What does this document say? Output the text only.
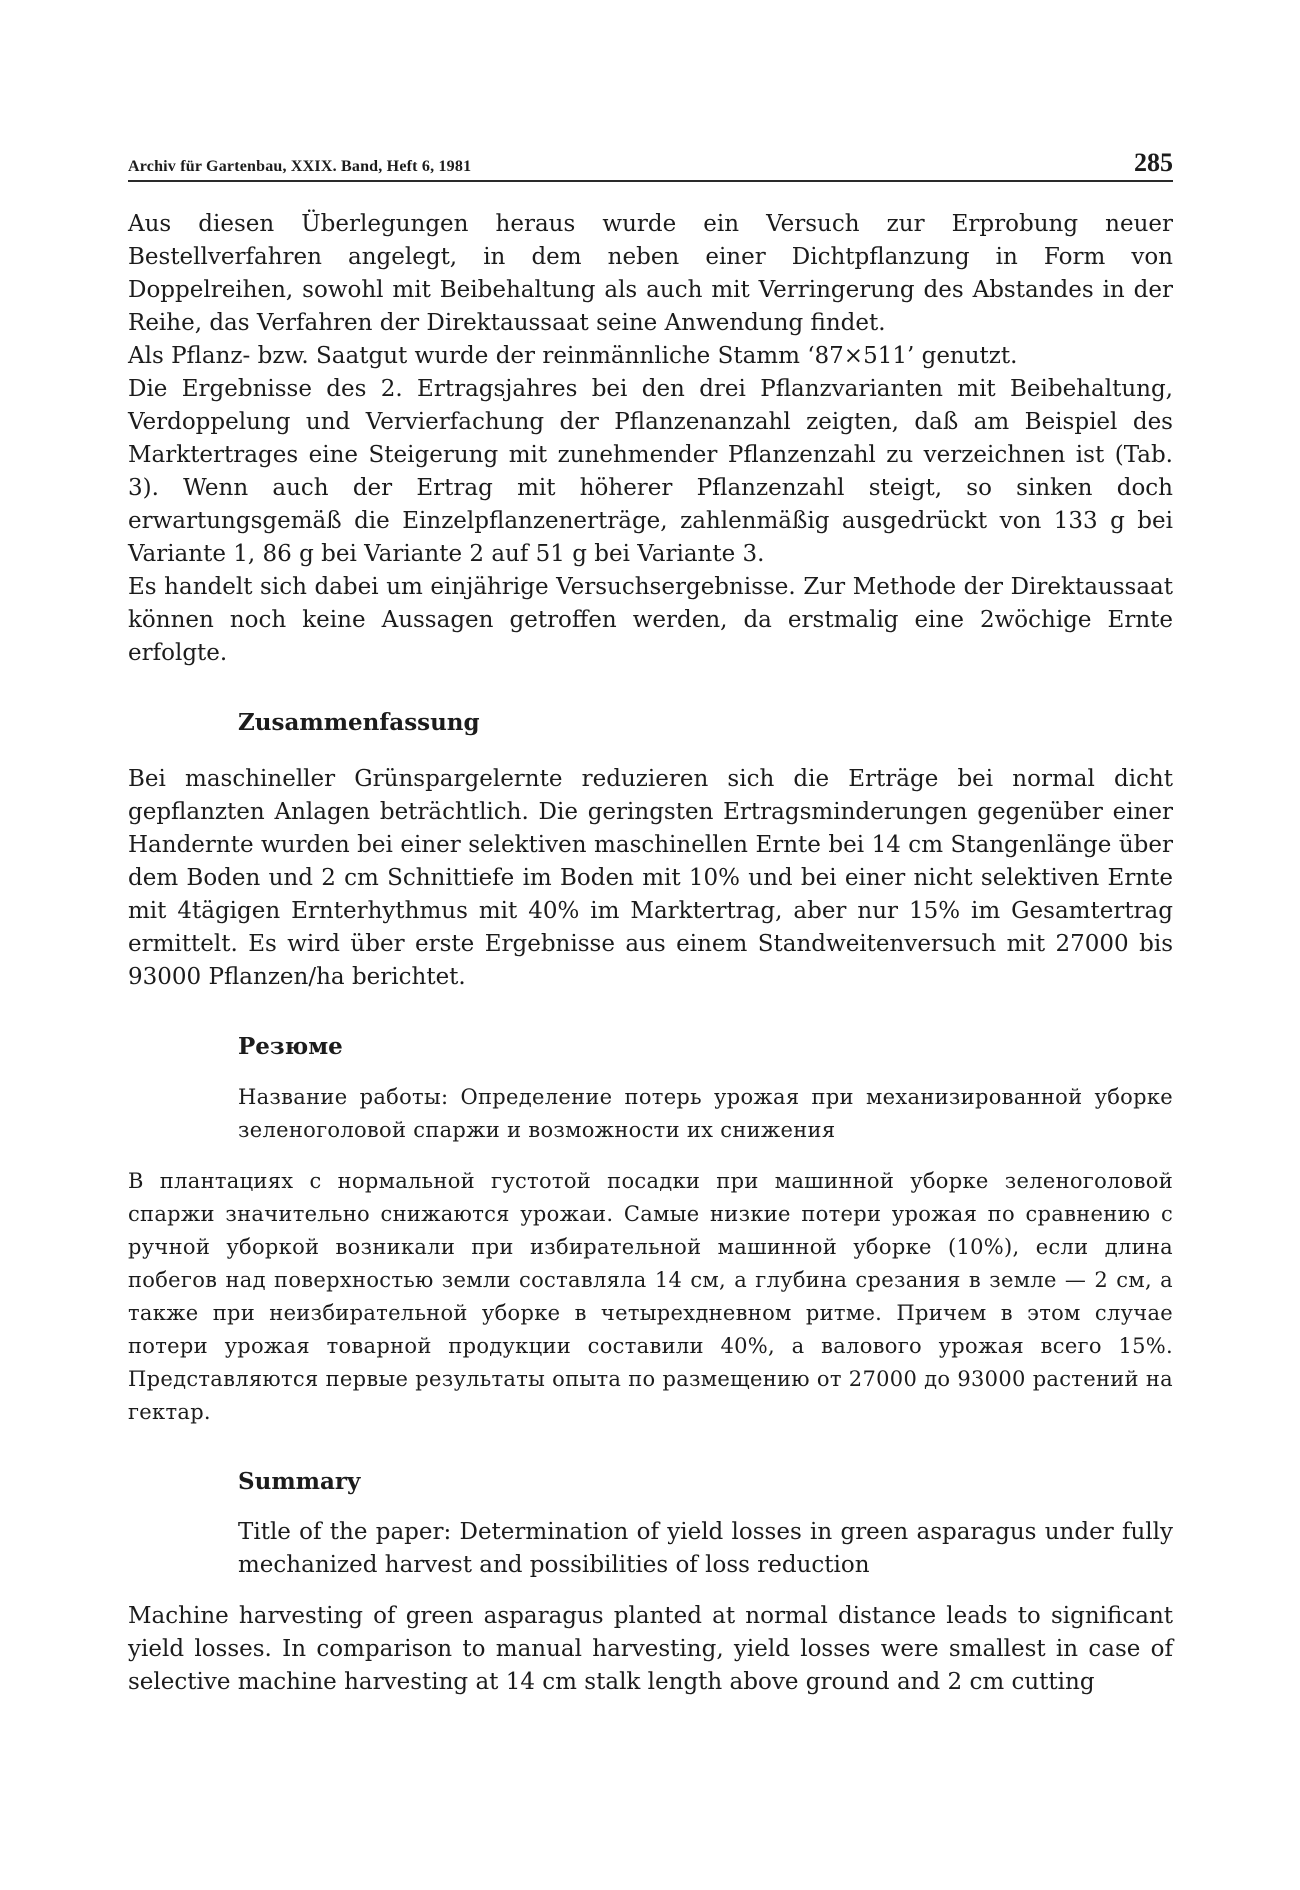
Archiv für Gartenbau, XXIX. Band, Heft 6, 1981	285

Aus diesen Überlegungen heraus wurde ein Versuch zur Erprobung neuer Bestellverfahren angelegt, in dem neben einer Dichtpflanzung in Form von Doppelreihen, sowohl mit Beibehaltung als auch mit Verringerung des Abstandes in der Reihe, das Verfahren der Direktaussaat seine Anwendung findet.

Als Pflanz- bzw. Saatgut wurde der reinmännliche Stamm ‘87×511’ genutzt.

Die Ergebnisse des 2. Ertragsjahres bei den drei Pflanzvarianten mit Beibehaltung, Verdoppelung und Vervierfachung der Pflanzenanzahl zeigten, daß am Beispiel des Marktertrages eine Steigerung mit zunehmender Pflanzenzahl zu verzeichnen ist (Tab. 3). Wenn auch der Ertrag mit höherer Pflanzenzahl steigt, so sinken doch erwartungsgemäß die Einzelpflanzenerträge, zahlenmäßig ausgedrückt von 133 g bei Variante 1, 86 g bei Variante 2 auf 51 g bei Variante 3.

Es handelt sich dabei um einjährige Versuchsergebnisse. Zur Methode der Direktaussaat können noch keine Aussagen getroffen werden, da erstmalig eine 2wöchige Ernte erfolgte.

Zusammenfassung

Bei maschineller Grünspargelernte reduzieren sich die Erträge bei normal dicht gepflanzten Anlagen beträchtlich. Die geringsten Ertragsminderungen gegenüber einer Handernte wurden bei einer selektiven maschinellen Ernte bei 14 cm Stangenlänge über dem Boden und 2 cm Schnittiefe im Boden mit 10% und bei einer nicht selektiven Ernte mit 4tägigen Ernterhythmus mit 40% im Marktertrag, aber nur 15% im Gesamtertrag ermittelt. Es wird über erste Ergebnisse aus einem Standweitenversuch mit 27000 bis 93000 Pflanzen/ha berichtet.

Резюме

Название работы: Определение потерь урожая при механизированной уборке зеленоголовой спаржи и возможности их снижения

В плантациях с нормальной густотой посадки при машинной уборке зеленоголовой спаржи значительно снижаются урожаи. Самые низкие потери урожая по сравнению с ручной уборкой возникали при избирательной машинной уборке (10%), если длина побегов над поверхностью земли составляла 14 см, а глубина срезания в земле — 2 см, а также при неизбирательной уборке в четырехдневном ритме. Причем в этом случае потери урожая товарной продукции составили 40%, а валового урожая всего 15%. Представляются первые результаты опыта по размещению от 27000 до 93000 растений на гектар.

Summary

Title of the paper: Determination of yield losses in green asparagus under fully mechanized harvest and possibilities of loss reduction

Machine harvesting of green asparagus planted at normal distance leads to significant yield losses. In comparison to manual harvesting, yield losses were smallest in case of selective machine harvesting at 14 cm stalk length above ground and 2 cm cutting
